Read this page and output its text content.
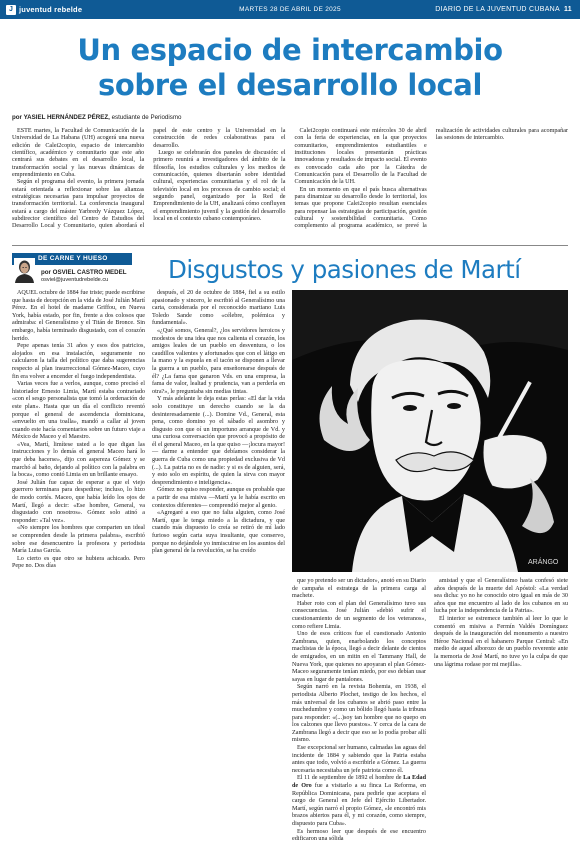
J juventud rebelde	MARTES 28 DE ABRIL DE 2025	DIARIO DE LA JUVENTUD CUBANA 11
Un espacio de intercambio sobre el desarrollo local
por YASIEL HERNÁNDEZ PÉREZ, estudiante de Periodismo

ESTE martes, la Facultad de Comunicación de la Universidad de La Habana (UH) acogerá una nueva edición de Calei2copio, espacio de intercambio científico, académico y comunitario que este año centrará sus debates en el desarrollo local, la transformación social y las nuevas dinámicas de emprendimiento en Cuba.

Según el programa del evento, la primera jornada estará orientada a reflexionar sobre las alianzas estratégicas necesarias para impulsar proyectos de transformación territorial. La conferencia inaugural estará a cargo del máster Yarbredy Vázquez López, subdirector científico del Centro de Estudios del Desarrollo Local y Comunitario, quien abordará el papel de este centro y la Universidad en la construcción de redes colaborativas para el desarrollo.

Luego se celebrarán dos paneles de discusión: el primero reunirá a investigadores del ámbito de la filosofía, los estudios culturales y los medios de comunicación, quienes disertarán sobre identidad cultural, experiencias comunitarias y el rol de la televisión local en los procesos de cambio social; el segundo panel, organizado por la Red de Emprendimiento de la UH, analizará cómo confluyen el emprendimiento juvenil y la gestión del desarrollo local en el contexto cubano contemporáneo.

Calei2copio continuará este miércoles 30 de abril con la feria de experiencias, en la que proyectos comunitarios, emprendimientos estudiantiles e instituciones locales presentarán prácticas innovadoras y resultados de impacto social. El evento es convocado cada año por la Cátedra de Comunicación para el Desarrollo de la Facultad de Comunicación de la UH.

En un momento en que el país busca alternativas para dinamizar su desarrollo desde lo territorial, los temas que propone Calei2copio resultan esenciales para repensar las estrategias de participación, gestión cultural y sostenibilidad comunitaria. Como complemento al programa académico, se prevé la realización de actividades culturales para acompañar las sesiones de intercambio.

DE CARNE Y HUESO
por OSVIEL CASTRO MEDEL
osviel@juventudrebelde.cu	Disgustos y pasiones de Martí
ARÁNGO

AQUEL octubre de 1884 fue triste; puede escribirse que hasta de decepción en la vida de José Julián Martí Pérez. En el hotel de madame Griffou, en Nueva York, había estado, por fin, frente a dos colosos que admiraba: el Generalísimo y el Titán de Bronce. Sin embargo, había terminado disgustado, con el corazón herido.

Pepe apenas tenía 31 años y esos dos patricios, alojados en esa instalación, seguramente no calcularon la talla del político que daba sugerencias respecto al plan insurreccional Gómez-Maceo, cuyo fin era volver a encender el fuego independentista.

Varias veces fue a verlos, aunque, como precisó el historiador Ernesto Limia, Martí estaba contrariado «con el sesgo personalista que tomó la ordenación de este plan». Hasta que un día el conflicto reventó porque el general de ascendencia dominicana, «envuelto en una toalla», mandó a callar al joven cuando este hacía comentarios sobre un futuro viaje a México de Maceo y el Maestro.

«Vea, Martí, limítese usted a lo que digan las instrucciones y lo demás el general Maceo hará lo que deba hacerse», dijo con aspereza Gómez y se marchó al baño, dejando al político con la palabra en la boca», como contó Limia en un brillante ensayo.

José Julián fue capaz de esperar a que el viejo guerrero terminara para despedirse; incluso, lo hizo de modo cortés. Maceo, que había leído los ojos de Martí, llegó a decir: «Ese hombre, General, va disgustado con nosotros». Gómez solo atinó a responder: «Tal vez».

«No siempre los hombres que comparten un ideal se comprenden desde la primera palabra», escribió sobre ese desencuentro la profesora y periodista María Luisa García.

Lo cierto es que otro se hubiera achicado. Pero Pepe no. Dos días

después, el 20 de octubre de 1884, fiel a su estilo apasionado y sincero, le escribió al Generalísimo una carta, considerada por el reconocido martiano Luis Toledo Sande como «célebre, polémica y fundamental».

«¿Qué somos, General?, ¿los servidores heroicos y modestos de una idea que nos calienta el corazón, los amigos leales de un pueblo en desventura, o los caudillos valientes y afortunados que con el látigo en la mano y la espuela en el tacón se disponen a llevar la guerra a un pueblo, para enseñorearse después de él? ¿La fama que ganaron Vds. en una empresa, la fama de valor, lealtad y prudencia, van a perderla en otra?», le preguntaba sin medias tintas.

Y más adelante le deja estas perlas: «El dar la vida solo constituye un derecho cuando se la da desinteresadamente (...). Domine Vd., General, esta pena, como domino yo el sábado el asombro y disgusto con que oí un importuno arranque de Vd. y una curiosa conversación que provocó a propósito de él el general Maceo, en la que quiso —¡locura mayor!— darme a entender que debíamos considerar la guerra de Cuba como una propiedad exclusiva de Vd (...). La patria no es de nadie: y si es de alguien, será, y esto solo en espíritu, de quien la sirva con mayor desprendimiento e inteligencia».

Gómez no quiso responder, aunque es probable que a partir de esa misiva —Martí ya le había escrito en contextos diferentes— comprendió mejor al genio.

«Agregaré a eso que no falta alguien, como José Martí, que le tenga miedo a la dictadura, y que cuando más dispuesto lo creía se retiró de mí lado furioso según carta suya insultante, que conservo, porque no dejándole yo inmiscuirse en los asuntos del plan general de la revolución, se ha creído

que yo pretendo ser un dictador», anotó en su Diario de campaña el estratega de la primera carga al machete.

Haber roto con el plan del Generalísimo tuvo sus consecuencias. José Julián «debió sufrir el cuestionamiento de un segmento de los veteranos», como refiere Limia.

Uno de esos críticos fue el cuestionado Antonio Zambrana, quien, enarbolando los conceptos machistas de la época, llegó a decir delante de cientos de emigrados, en un mitin en el Tammany Hall, de Nueva York, que quienes no apoyaran el plan Gómez-Maceo seguramente tenían miedo, por eso debían usar sayas en lugar de pantalones.

Según narró en la revista Bohemia, en 1938, el periodista Alberto Plochet, testigo de los hechos, el más universal de los cubanos se abrió paso entre la muchedumbre y como un bólido llegó hasta la tribuna para responder: «(...)soy tan hombre que no quepo en los calzones que llevo puestos». Y cerca de la cara de Zambrana llegó a decir que eso se lo podía probar allí mismo.

Ese excepcional ser humano, calmadas las aguas del incidente de 1884 y sabiendo que la Patria estaba antes que todo, volvió a escribirle a Gómez. La guerra necesaria necesitaba un jefe patriota como él.

El 11 de septiembre de 1892 el hombre de La Edad de Oro fue a visitarlo a su finca La Reforma, en República Dominicana, para pedirle que aceptara el cargo de General en Jefe del Ejército Libertador. Martí, según narró el propio Gómez, «le encontró mis brazos abiertos para él, y mi corazón, como siempre, dispuesto para Cuba».

Es hermoso leer que después de ese encuentro edificaron una sólida

amistad y que el Generalísimo hasta confesó siete años después de la muerte del Apóstol: «La verdad sea dicha: yo no he conocido otro igual en más de 30 años que me encuentro al lado de los cubanos en su lucha por la independencia de la Patria».

El interior se estremece también al leer lo que le comentó en misiva a Fermín Valdés Domínguez después de la inauguración del monumento a nuestro Héroe Nacional en el habanero Parque Central: «En medio de aquel alborozo de un pueblo reverente ante la memoria de José Martí, no tuve yo la culpa de que una lágrima rodase por mi mejilla».
